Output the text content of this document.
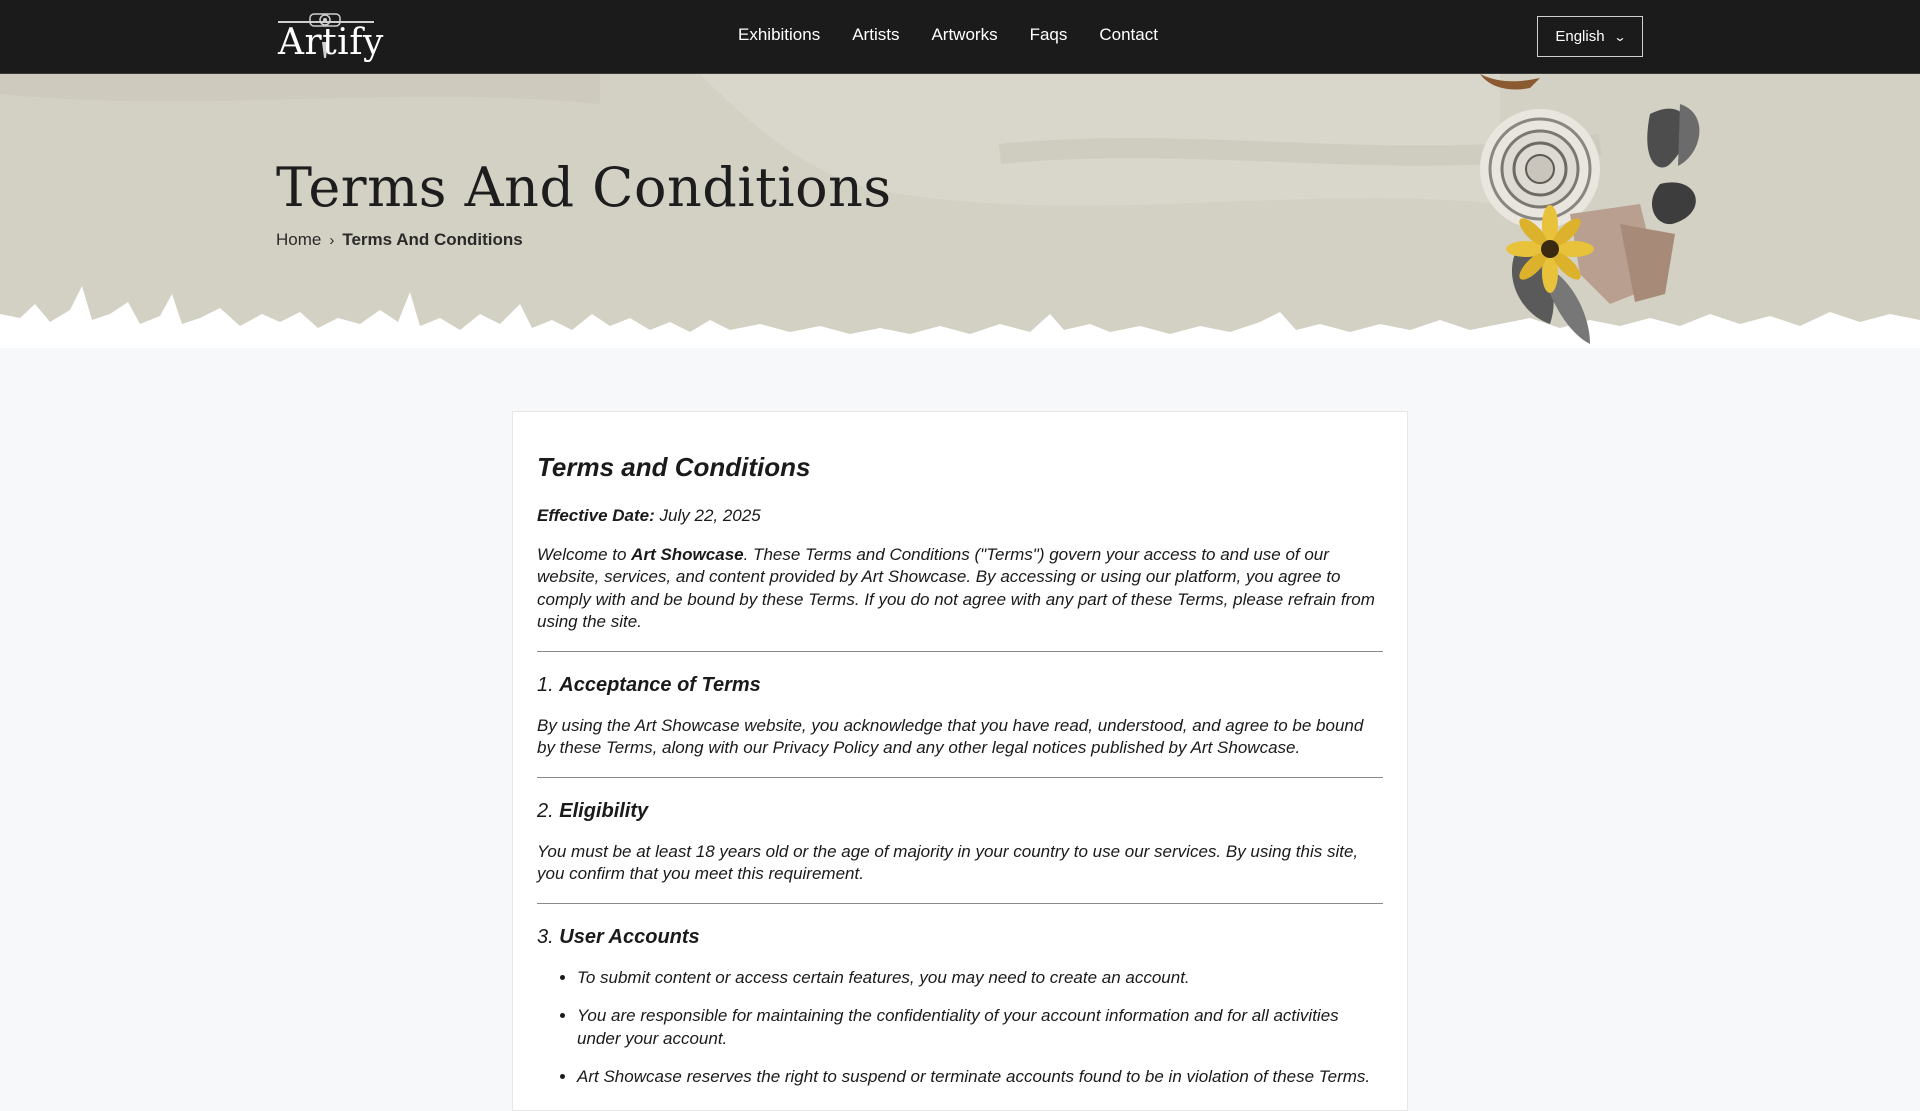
Artify	Exhibitions Artists Artworks Faqs Contact	English ⌄
Terms And Conditions
Home › Terms And Conditions
Terms and Conditions

Effective Date: July 22, 2025

Welcome to Art Showcase. These Terms and Conditions ("Terms") govern your access to and use of our website, services, and content provided by Art Showcase. By accessing or using our platform, you agree to comply with and be bound by these Terms. If you do not agree with any part of these Terms, please refrain from using the site.

1. Acceptance of Terms

By using the Art Showcase website, you acknowledge that you have read, understood, and agree to be bound by these Terms, along with our Privacy Policy and any other legal notices published by Art Showcase.

2. Eligibility

You must be at least 18 years old or the age of majority in your country to use our services. By using this site, you confirm that you meet this requirement.

3. User Accounts
• To submit content or access certain features, you may need to create an account.
• You are responsible for maintaining the confidentiality of your account information and for all activities under your account.
• Art Showcase reserves the right to suspend or terminate accounts found to be in violation of these Terms.
